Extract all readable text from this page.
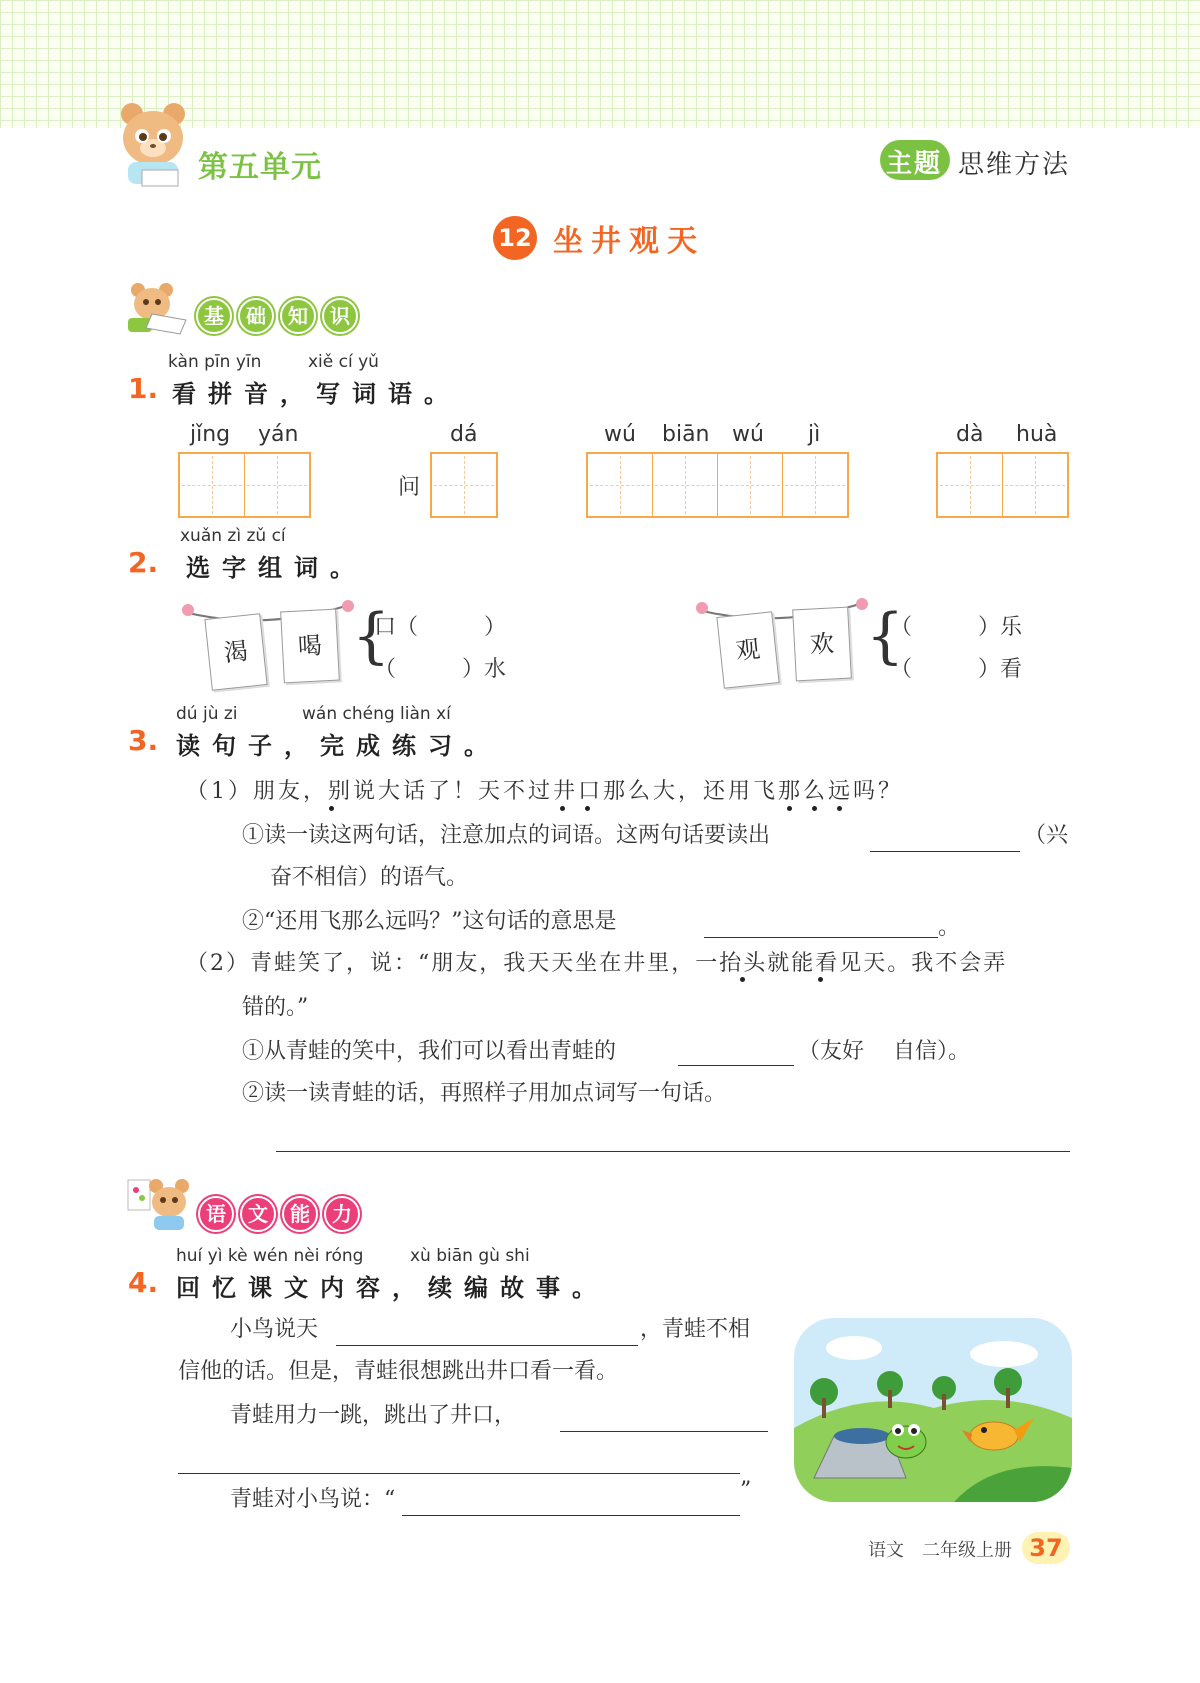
第五单元	主题 思维方法
12 坐井观天
基	础	知	识
kàn pīn yīn	xiě cí yǔ
1. 看拼音，写词语。
jǐng yán	dá
问
wú biān wú jì	dà huà
xuǎn zì zǔ cí
2. 选字组词。
渴	喝 {
口（　　　）
（　　　）水
观	欢 {
（　　　）乐
（　　　）看
dú jù zi	wán chéng liàn xí
3. 读句子，完成练习。
（1）朋友，别说大话了！天不过井口那么大，还用飞那么远吗？
①读一读这两句话，注意加点的词语。这两句话要读出	（兴
奋不相信）的语气。
②“还用飞那么远吗？”这句话的意思是	。
（2）青蛙笑了，说：“朋友，我天天坐在井里，一抬头就能看见天。我不会弄
错的。”
①从青蛙的笑中，我们可以看出青蛙的	（友好　 自信）。
②读一读青蛙的话，再照样子用加点词写一句话。
语	文	能	力
huí yì kè wén nèi róng	xù biān gù shi
4. 回忆课文内容，续编故事。
小鸟说天	，青蛙不相
信他的话。但是，青蛙很想跳出井口看一看。
青蛙用力一跳，跳出了井口，
青蛙对小鸟说：“	”
语文 二年级上册 37
